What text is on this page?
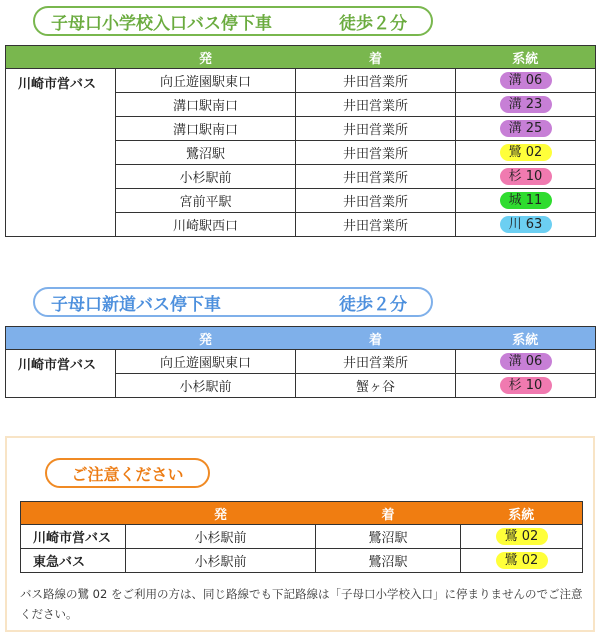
子母口小学校入口バス停下車	徒歩２分
	発	着	系統
川崎市営バス	向丘遊園駅東口	井田営業所	溝 06
	溝口駅南口	井田営業所	溝 23
	溝口駅南口	井田営業所	溝 25
	鷺沼駅	井田営業所	鷺 02
	小杉駅前	井田営業所	杉 10
	宮前平駅	井田営業所	城 11
	川崎駅西口	井田営業所	川 63
子母口新道バス停下車	徒歩２分
	発	着	系統
川崎市営バス	向丘遊園駅東口	井田営業所	溝 06
	小杉駅前	蟹ヶ谷	杉 10
ご注意ください
	発	着	系統
川崎市営バス	小杉駅前	鷺沼駅	鷺 02
東急バス	小杉駅前	鷺沼駅	鷺 02
バス路線の鷺 02 をご利用の方は、同じ路線でも下記路線は「子母口小学校入口」に停まりませんのでご注意ください。
